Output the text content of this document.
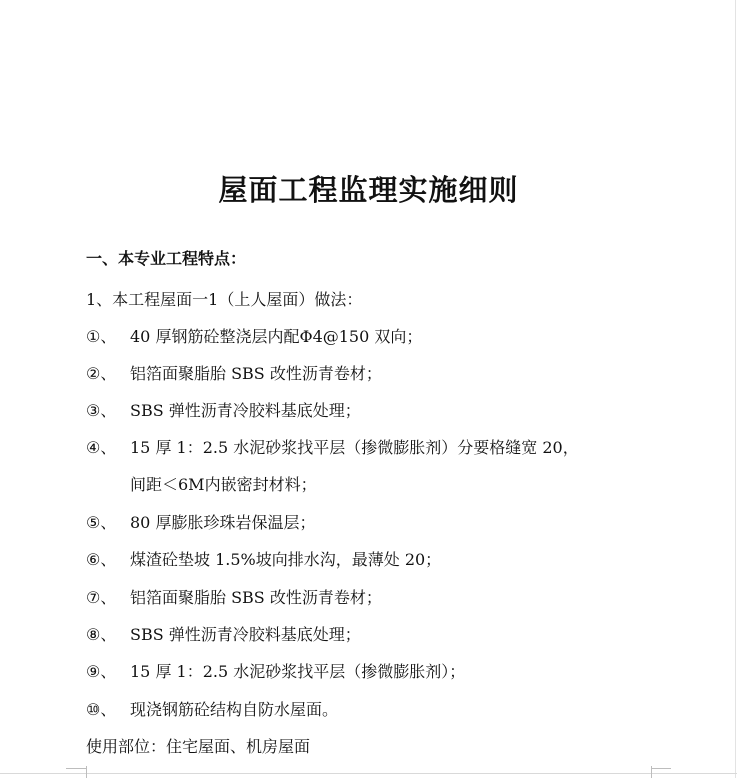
屋面工程监理实施细则
一、本专业工程特点：
1、本工程屋面一1（上人屋面）做法：
①、 40 厚钢筋砼整浇层内配Φ4@150 双向；
②、 铝箔面聚脂胎 SBS 改性沥青卷材；
③、 SBS 弹性沥青冷胶料基底处理；
④、 15 厚 1：2.5 水泥砂浆找平层（掺微膨胀剂）分要格缝宽 20，
间距＜6M内嵌密封材料；
⑤、 80 厚膨胀珍珠岩保温层；
⑥、 煤渣砼垫坡 1.5%坡向排水沟，最薄处 20；
⑦、 铝箔面聚脂胎 SBS 改性沥青卷材；
⑧、 SBS 弹性沥青冷胶料基底处理；
⑨、 15 厚 1：2.5 水泥砂浆找平层（掺微膨胀剂）；
⑩、 现浇钢筋砼结构自防水屋面。
使用部位：住宅屋面、机房屋面
